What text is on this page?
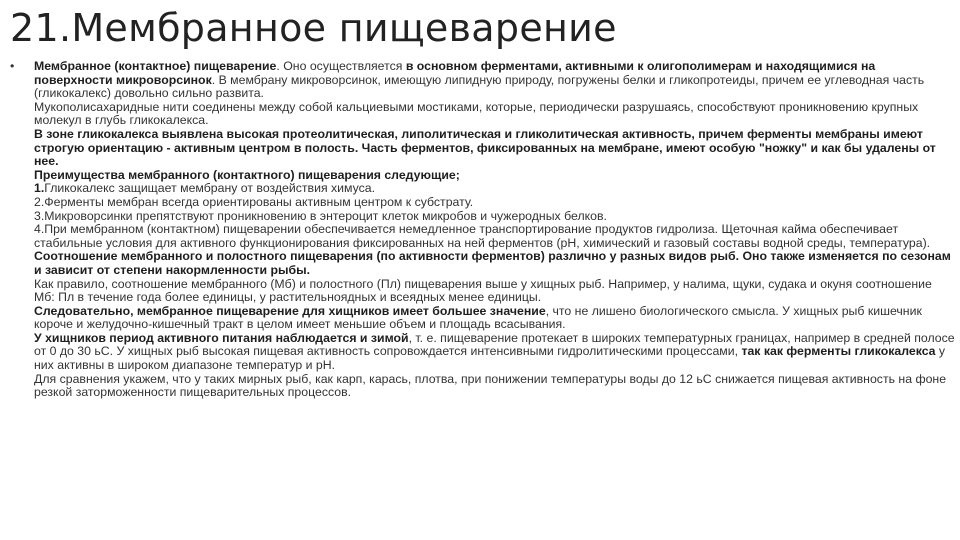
21.Мембранное пищеварение
•	Мембранное (контактное) пищеварение. Оно осуществляется в основном ферментами, активными к олигополимерам и находящимися на поверхности микроворсинок. В мембрану микроворсинок, имеющую липидную природу, погружены белки и гликопротеиды, причем ее углеводная часть (гликокалекс) довольно сильно развита.

Мукополисахаридные нити соединены между собой кальциевыми мостиками, которые, периодически разрушаясь, способствуют проникновению крупных молекул в глубь гликокалекса.

В зоне гликокалекса выявлена высокая протеолитическая, липолитическая и гликолитическая активность, причем ферменты мембраны имеют строгую ориентацию - активным центром в полость. Часть ферментов, фиксированных на мембране, имеют особую "ножку" и как бы удалены от нее.

Преимущества мембранного (контактного) пищеварения следующие;

1.Гликокалекс защищает мембрану от воздействия химуса.

2.Ферменты мембран всегда ориентированы активным центром к субстрату.

3.Микроворсинки препятствуют проникновению в энтероцит клеток микробов и чужеродных белков.

4.При мембранном (контактном) пищеварении обеспечивается немедленное транспортирование продуктов гидролиза. Щеточная кайма обеспечивает стабильные условия для активного функционирования фиксированных на ней ферментов (рН, химический и газовый составы водной среды, температура).

Соотношение мембранного и полостного пищеварения (по активности ферментов) различно у разных видов рыб. Оно также изменяется по сезонам и зависит от степени накормленности рыбы.

Как правило, соотношение мембранного (Мб) и полостного (Пл) пищеварения выше у хищных рыб. Например, у налима, щуки, судака и окуня соотношение Мб: Пл в течение года более единицы, у растительноядных и всеядных менее единицы.

Следовательно, мембранное пищеварение для хищников имеет большее значение, что не лишено биологического смысла. У хищных рыб кишечник короче и желудочно-кишечный тракт в целом имеет меньшие объем и площадь всасывания.

У хищников период активного питания наблюдается и зимой, т. е. пищеварение протекает в широких температурных границах, например в средней полосе от 0 до 30 ьС. У хищных рыб высокая пищевая активность сопровождается интенсивными гидролитическими процессами, так как ферменты гликокалекса у них активны в широком диапазоне температур и рН.

Для сравнения укажем, что у таких мирных рыб, как карп, карась, плотва, при понижении температуры воды до 12 ьС снижается пищевая активность на фоне резкой заторможенности пищеварительных процессов.
